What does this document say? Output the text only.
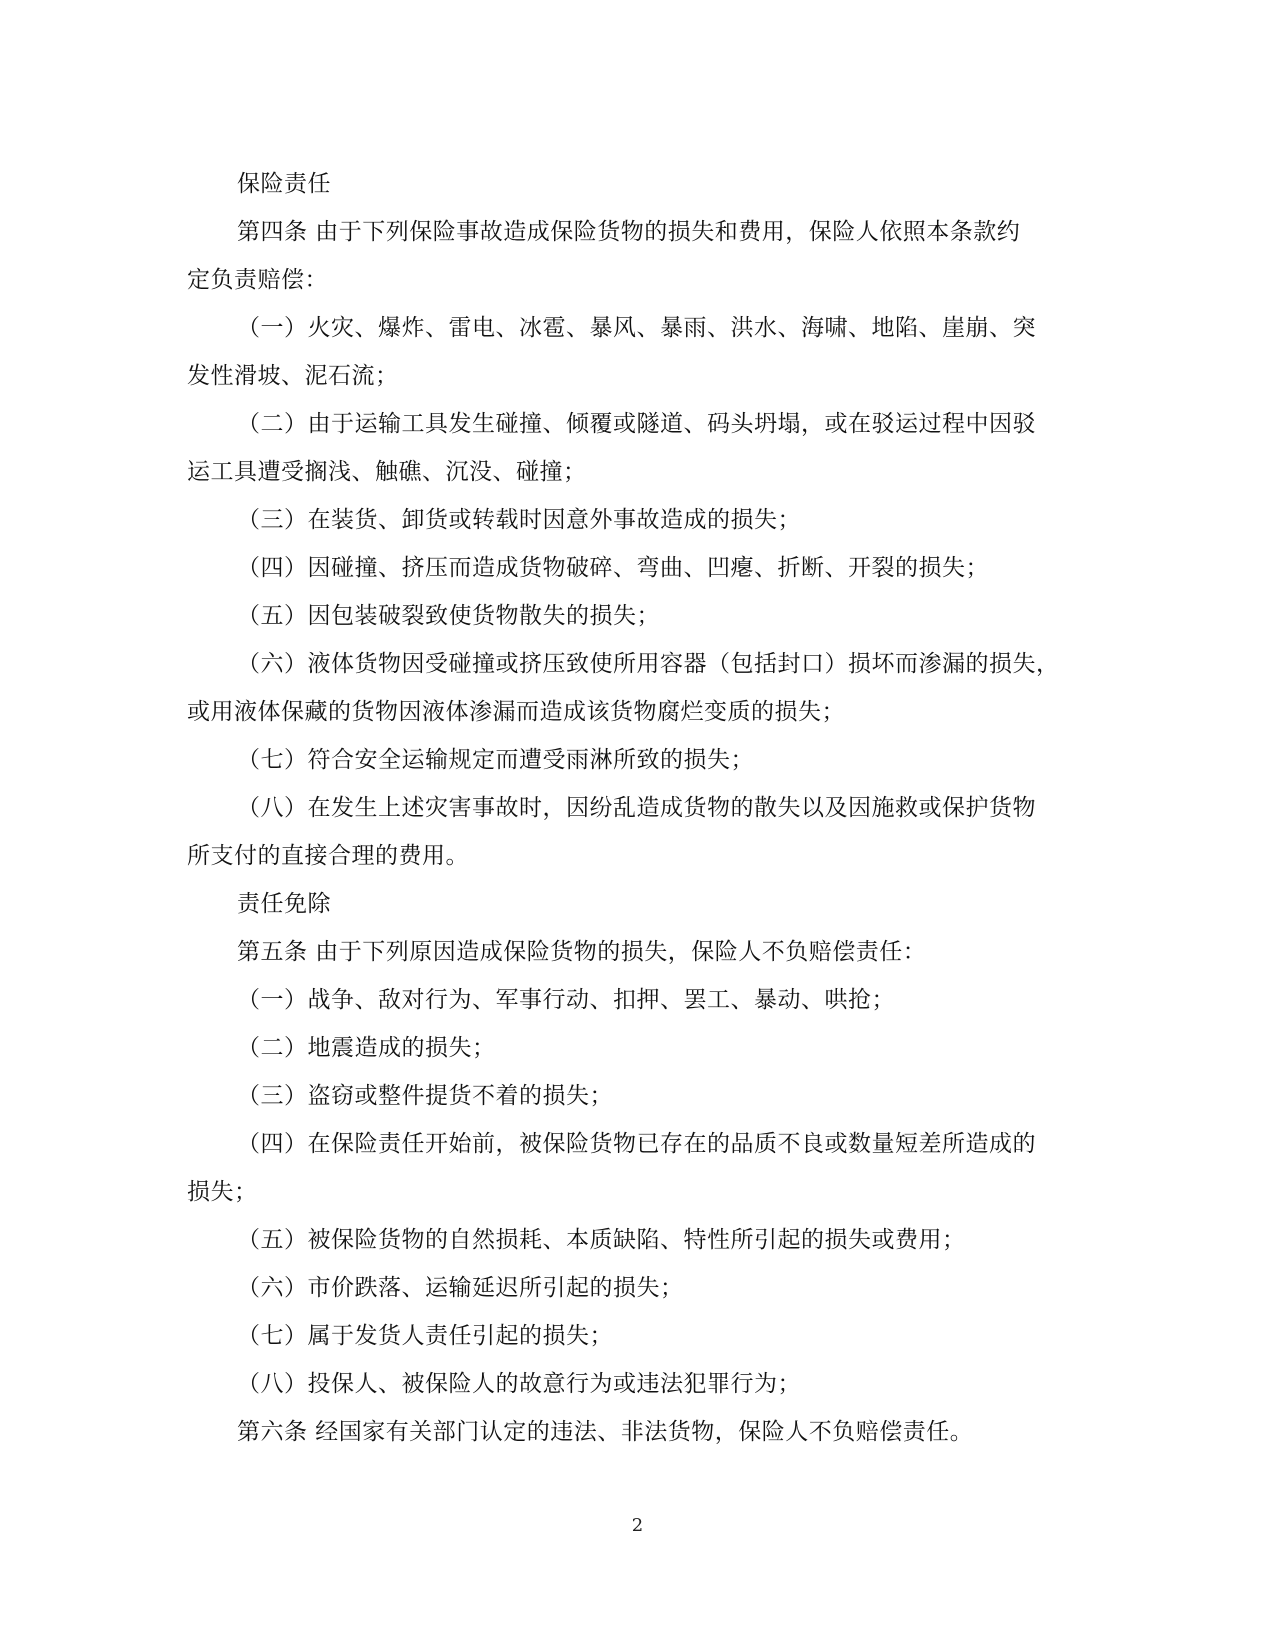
保险责任
第四条 由于下列保险事故造成保险货物的损失和费用，保险人依照本条款约
定负责赔偿：
（一）火灾、爆炸、雷电、冰雹、暴风、暴雨、洪水、海啸、地陷、崖崩、突
发性滑坡、泥石流；
（二）由于运输工具发生碰撞、倾覆或隧道、码头坍塌，或在驳运过程中因驳
运工具遭受搁浅、触礁、沉没、碰撞；
（三）在装货、卸货或转载时因意外事故造成的损失；
（四）因碰撞、挤压而造成货物破碎、弯曲、凹瘪、折断、开裂的损失；
（五）因包装破裂致使货物散失的损失；
（六）液体货物因受碰撞或挤压致使所用容器（包括封口）损坏而渗漏的损失，
或用液体保藏的货物因液体渗漏而造成该货物腐烂变质的损失；
（七）符合安全运输规定而遭受雨淋所致的损失；
（八）在发生上述灾害事故时，因纷乱造成货物的散失以及因施救或保护货物
所支付的直接合理的费用。
责任免除
第五条 由于下列原因造成保险货物的损失，保险人不负赔偿责任：
（一）战争、敌对行为、军事行动、扣押、罢工、暴动、哄抢；
（二）地震造成的损失；
（三）盗窃或整件提货不着的损失；
（四）在保险责任开始前，被保险货物已存在的品质不良或数量短差所造成的
损失；
（五）被保险货物的自然损耗、本质缺陷、特性所引起的损失或费用；
（六）市价跌落、运输延迟所引起的损失；
（七）属于发货人责任引起的损失；
（八）投保人、被保险人的故意行为或违法犯罪行为；
第六条 经国家有关部门认定的违法、非法货物，保险人不负赔偿责任。
2
